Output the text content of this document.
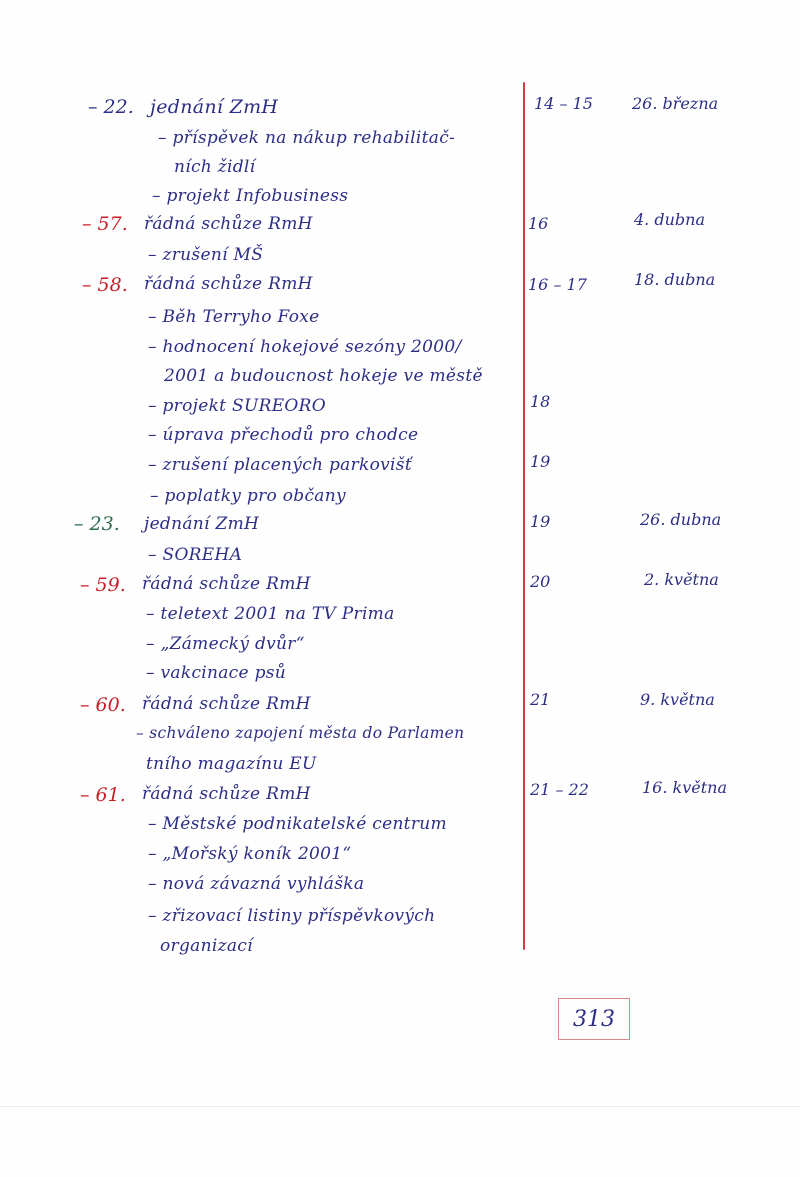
– 22. jednání ZmH	14 – 15 26. března
– příspěvek na nákup rehabilitač-
ních židlí
– projekt Infobusiness
– 57. řádná schůze RmH	16	4. dubna
– zrušení MŠ
– 58. řádná schůze RmH	16 – 17	18. dubna
– Běh Terryho Foxe
– hodnocení hokejové sezóny 2000/
2001 a budoucnost hokeje ve městě
– projekt SUREORO	18
– úprava přechodů pro chodce
– zrušení placených parkovišť	19
– poplatky pro občany
– 23. jednání ZmH	19	26. dubna
– SOREHA
– 59. řádná schůze RmH	20	2. května
– teletext 2001 na TV Prima
– „Zámecký dvůr“
– vakcinace psů
– 60. řádná schůze RmH	21	9. května
– schváleno zapojení města do Parlamen
tního magazínu EU
– 61. řádná schůze RmH	21 – 22	16. května
– Městské podnikatelské centrum
– „Mořský koník 2001“
– nová závazná vyhláška
– zřizovací listiny příspěvkových
organizací
313
